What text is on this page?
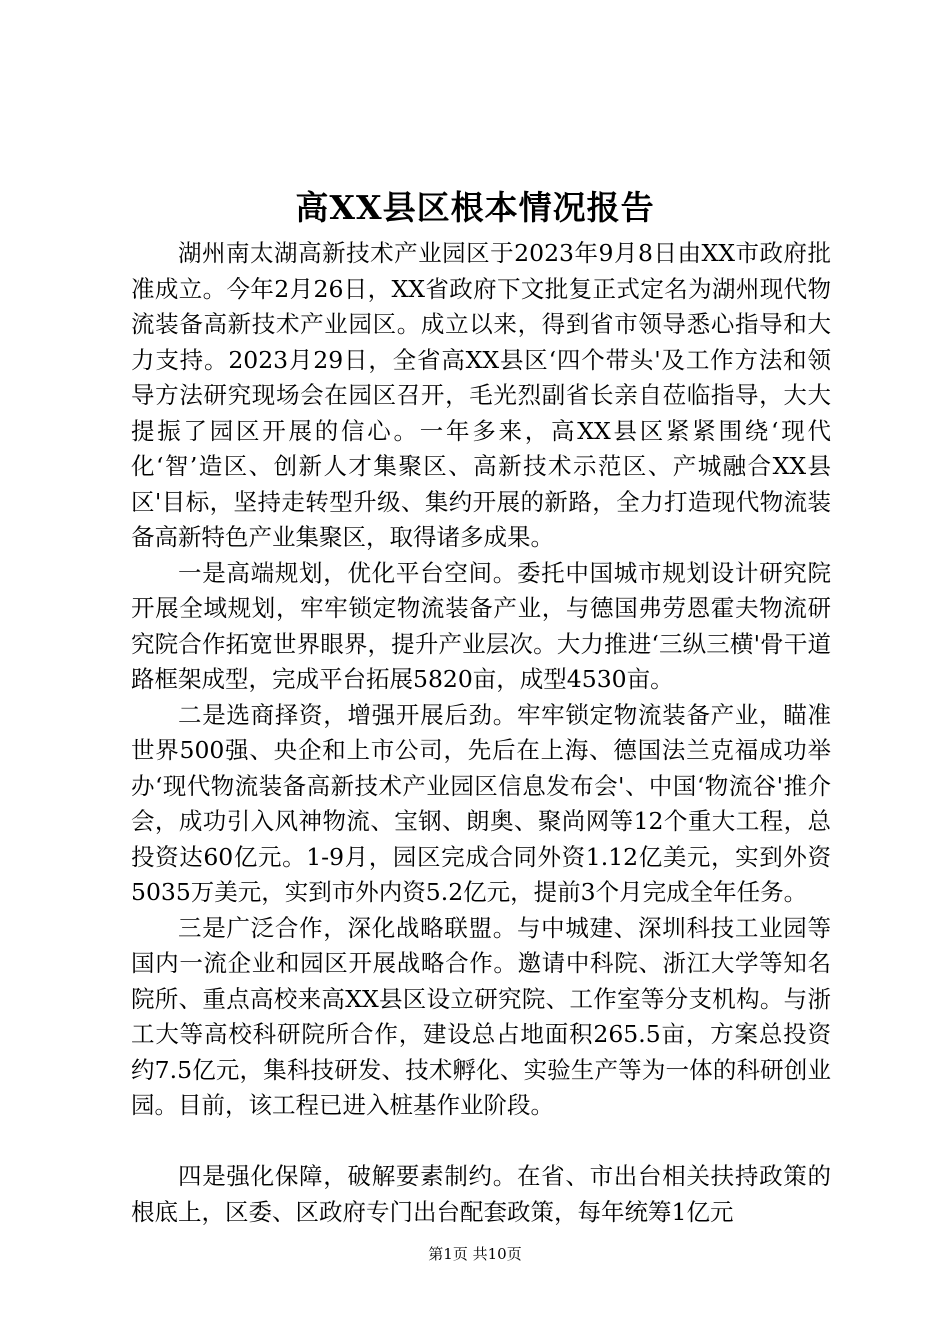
高XX县区根本情况报告

湖州南太湖高新技术产业园区于2023年9月8日由XX市政府批准成立。今年2月26日，XX省政府下文批复正式定名为湖州现代物流装备高新技术产业园区。成立以来，得到省市领导悉心指导和大力支持。2023月29日，全省高XX县区‘四个带头'及工作方法和领导方法研究现场会在园区召开，毛光烈副省长亲自莅临指导，大大提振了园区开展的信心。一年多来，高XX县区紧紧围绕‘现代化‘智’造区、创新人才集聚区、高新技术示范区、产城融合XX县区'目标，坚持走转型升级、集约开展的新路，全力打造现代物流装备高新特色产业集聚区，取得诸多成果。

一是高端规划，优化平台空间。委托中国城市规划设计研究院开展全域规划，牢牢锁定物流装备产业，与德国弗劳恩霍夫物流研究院合作拓宽世界眼界，提升产业层次。大力推进‘三纵三横'骨干道路框架成型，完成平台拓展5820亩，成型4530亩。

二是选商择资，增强开展后劲。牢牢锁定物流装备产业，瞄准世界500强、央企和上市公司，先后在上海、德国法兰克福成功举办‘现代物流装备高新技术产业园区信息发布会'、中国‘物流谷'推介会，成功引入风神物流、宝钢、朗奥、聚尚网等12个重大工程，总投资达60亿元。1-9月，园区完成合同外资1.12亿美元，实到外资5035万美元，实到市外内资5.2亿元，提前3个月完成全年任务。

三是广泛合作，深化战略联盟。与中城建、深圳科技工业园等国内一流企业和园区开展战略合作。邀请中科院、浙江大学等知名院所、重点高校来高XX县区设立研究院、工作室等分支机构。与浙工大等高校科研院所合作，建设总占地面积265.5亩，方案总投资约7.5亿元，集科技研发、技术孵化、实验生产等为一体的科研创业园。目前，该工程已进入桩基作业阶段。

四是强化保障，破解要素制约。在省、市出台相关扶持政策的根底上，区委、区政府专门出台配套政策，每年统筹1亿元

第1页 共10页
